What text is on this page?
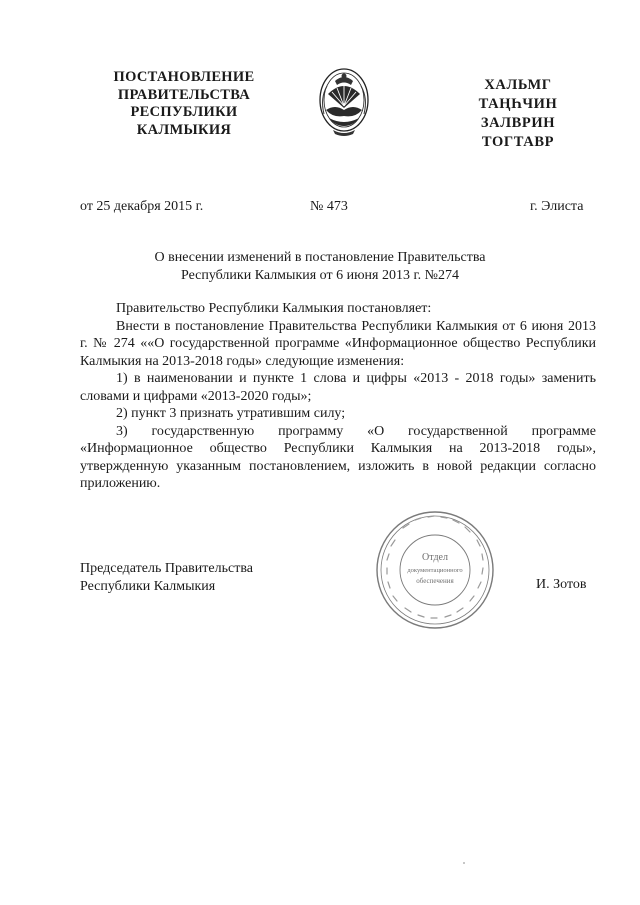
ПОСТАНОВЛЕНИЕ
ПРАВИТЕЛЬСТВА
РЕСПУБЛИКИ
КАЛМЫКИЯ
ХАЛЬМГ
ТАҢҺЧИН
ЗАЛВРИН
ТОГТАВР
от 25 декабря 2015 г.	№ 473	г. Элиста
О внесении изменений в постановление Правительства
Республики Калмыкия от 6 июня 2013 г. №274

Правительство Республики Калмыкия постановляет:

Внести в постановление Правительства Республики Калмыкия от 6 июня 2013 г. № 274 ««О государственной программе «Информационное общество Республики Калмыкия на 2013-2018 годы» следующие изменения:

1) в наименовании и пункте 1 слова и цифры «2013 - 2018 годы» заменить словами и цифрами «2013-2020 годы»;

2) пункт 3 признать утратившим силу;

3) государственную программу «О государственной программе «Информационное общество Республики Калмыкия на 2013-2018 годы», утвержденную указанным постановлением, изложить в новой редакции согласно приложению.

Отдел
документационного
обеспечения
Председатель Правительства
Республики Калмыкия	И. Зотов
